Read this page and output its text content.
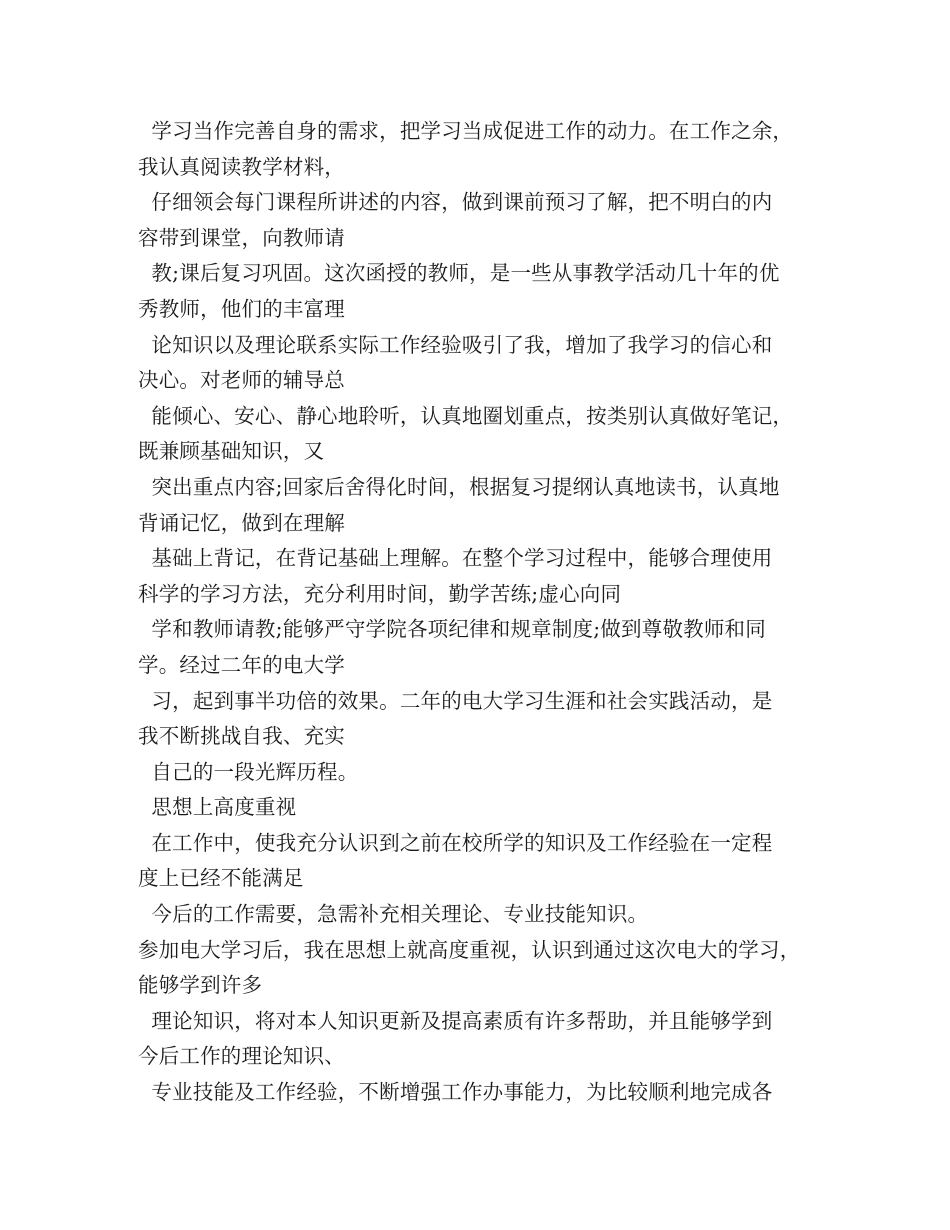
学习当作完善自身的需求，把学习当成促进工作的动力。在工作之余，
我认真阅读教学材料，
仔细领会每门课程所讲述的内容，做到课前预习了解，把不明白的内
容带到课堂，向教师请
教;课后复习巩固。这次函授的教师，是一些从事教学活动几十年的优
秀教师，他们的丰富理
论知识以及理论联系实际工作经验吸引了我，增加了我学习的信心和
决心。对老师的辅导总
能倾心、安心、静心地聆听，认真地圈划重点，按类别认真做好笔记，
既兼顾基础知识，又
突出重点内容;回家后舍得化时间，根据复习提纲认真地读书，认真地
背诵记忆，做到在理解
基础上背记，在背记基础上理解。在整个学习过程中，能够合理使用
科学的学习方法，充分利用时间，勤学苦练;虚心向同
学和教师请教;能够严守学院各项纪律和规章制度;做到尊敬教师和同
学。经过二年的电大学
习，起到事半功倍的效果。二年的电大学习生涯和社会实践活动，是
我不断挑战自我、充实
自己的一段光辉历程。
思想上高度重视
在工作中，使我充分认识到之前在校所学的知识及工作经验在一定程
度上已经不能满足
今后的工作需要，急需补充相关理论、专业技能知识。
参加电大学习后，我在思想上就高度重视，认识到通过这次电大的学习，
能够学到许多
理论知识，将对本人知识更新及提高素质有许多帮助，并且能够学到
今后工作的理论知识、
专业技能及工作经验，不断增强工作办事能力，为比较顺利地完成各
